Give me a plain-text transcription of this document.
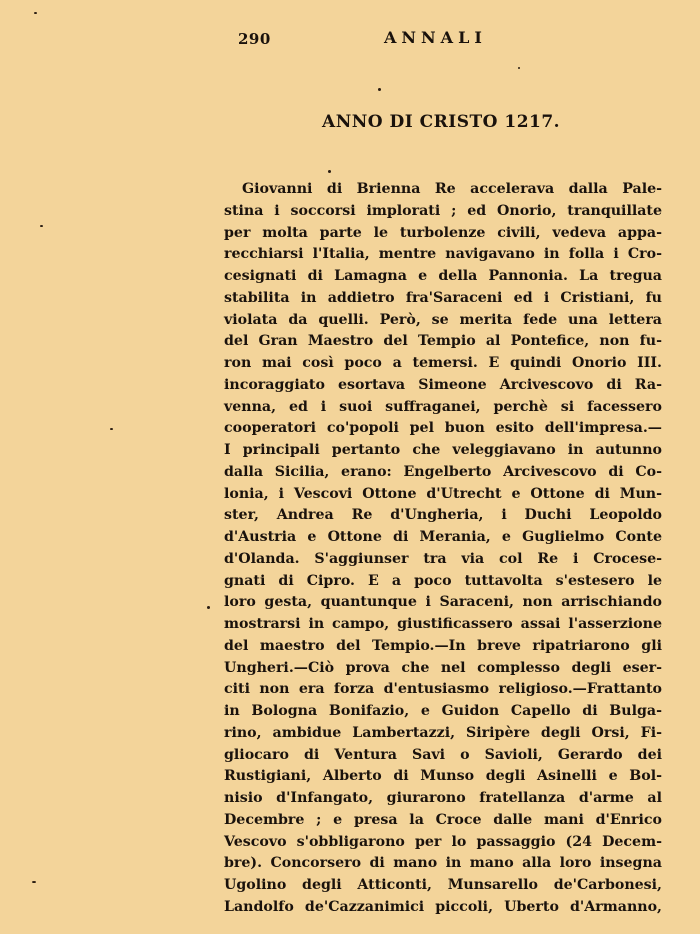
290	ANNALI
ANNO DI CRISTO 1217.
Giovanni di Brienna Re accelerava dalla Pale-
stina i soccorsi implorati ; ed Onorio, tranquillate
per molta parte le turbolenze civili, vedeva appa-
recchiarsi l'Italia, mentre navigavano in folla i Cro-
cesignati di Lamagna e della Pannonia. La tregua
stabilita in addietro fra'Saraceni ed i Cristiani, fu
violata da quelli. Però, se merita fede una lettera
del Gran Maestro del Tempio al Pontefice, non fu-
ron mai così poco a temersi. E quindi Onorio III.
incoraggiato esortava Simeone Arcivescovo di Ra-
venna, ed i suoi suffraganei, perchè si facessero
cooperatori co'popoli pel buon esito dell'impresa.—
I principali pertanto che veleggiavano in autunno
dalla Sicilia, erano: Engelberto Arcivescovo di Co-
lonia, i Vescovi Ottone d'Utrecht e Ottone di Mun-
ster, Andrea Re d'Ungheria, i Duchi Leopoldo
d'Austria e Ottone di Merania, e Guglielmo Conte
d'Olanda. S'aggiunser tra via col Re i Crocese-
gnati di Cipro. E a poco tuttavolta s'estesero le
loro gesta, quantunque i Saraceni, non arrischiando
mostrarsi in campo, giustificassero assai l'asserzione
del maestro del Tempio.—In breve ripatriarono gli
Ungheri.—Ciò prova che nel complesso degli eser-
citi non era forza d'entusiasmo religioso.—Frattanto
in Bologna Bonifazio, e Guidon Capello di Bulga-
rino, ambidue Lambertazzi, Siripère degli Orsi, Fi-
gliocaro di Ventura Savi o Savioli, Gerardo dei
Rustigiani, Alberto di Munso degli Asinelli e Bol-
nisio d'Infangato, giurarono fratellanza d'arme al
Decembre ; e presa la Croce dalle mani d'Enrico
Vescovo s'obbligarono per lo passaggio (24 Decem-
bre). Concorsero di mano in mano alla loro insegna
Ugolino degli Atticonti, Munsarello de'Carbonesi,
Landolfo de'Cazzanimici piccoli, Uberto d'Armanno,
